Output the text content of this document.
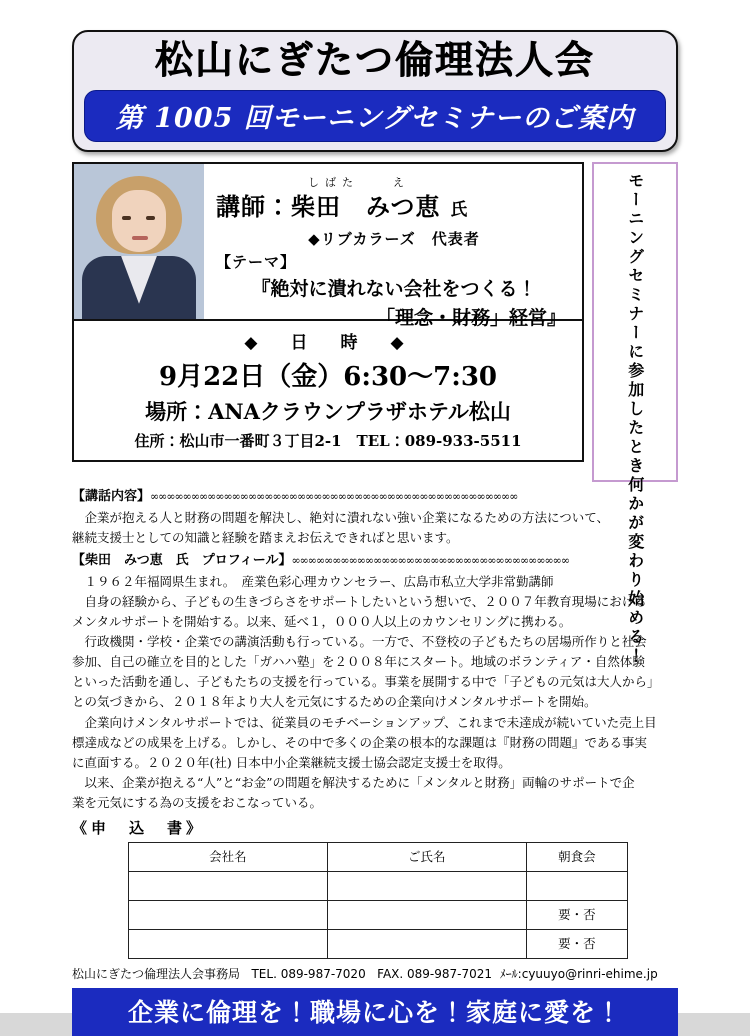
松山にぎたつ倫理法人会
第 1005 回モーニングセミナーのご案内
しばた　　え
講師：柴田　みつ恵 氏
◆リブカラーズ　代表者
【テーマ】
『絶対に潰れない会社をつくる！
「理念・財務」経営』
◆　日　時　◆
9月22日（金）6:30～7:30
場所：ANAクラウンプラザホテル松山
住所：松山市一番町３丁目2-1　TEL：089-933-5511	モーニングセミナーに参加したとき何かが変わり始める！
【講話内容】∞∞∞∞∞∞∞∞∞∞∞∞∞∞∞∞∞∞∞∞∞∞∞∞∞∞∞∞∞∞∞∞∞∞∞∞∞∞∞∞∞∞∞∞∞
企業が抱える人と財務の問題を解決し、絶対に潰れない強い企業になるための方法について、
継続支援士としての知識と経験を踏まえお伝えできればと思います。
【柴田　みつ恵　氏　プロフィール】∞∞∞∞∞∞∞∞∞∞∞∞∞∞∞∞∞∞∞∞∞∞∞∞∞∞∞∞∞∞∞∞∞∞
１９６２年福岡県生まれ。　産業色彩心理カウンセラー、広島市私立大学非常勤講師
自身の経験から、子どもの生きづらさをサポートしたいという想いで、２００７年教育現場における
メンタルサポートを開始する。以来、延べ１，０００人以上のカウンセリングに携わる。
行政機関・学校・企業での講演活動も行っている。一方で、不登校の子どもたちの居場所作りと社会
参加、自己の確立を目的とした「ガハハ塾」を２００８年にスタート。地域のボランティア・自然体験
といった活動を通し、子どもたちの支援を行っている。事業を展開する中で「子どもの元気は大人から」
との気づきから、２０１８年より大人を元気にするための企業向けメンタルサポートを開始。
企業向けメンタルサポートでは、従業員のモチベーションアップ、これまで未達成が続いていた売上目
標達成などの成果を上げる。しかし、その中で多くの企業の根本的な課題は『財務の問題』である事実
に直面する。２０２０年(社) 日本中小企業継続支援士協会認定支援士を取得。
以来、企業が抱える“人”と“お金”の問題を解決するために「メンタルと財務」両輪のサポートで企
業を元気にする為の支援をおこなっている。
《申　込　書》
会社名	ご氏名	朝食会

		要・否
		要・否
松山にぎたつ倫理法人会事務局 TEL. 089-987-7020 FAX. 089-987-7021 ﾒｰﾙ:cyuuyo@rinri-ehime.jp
企業に倫理を！職場に心を！家庭に愛を！
